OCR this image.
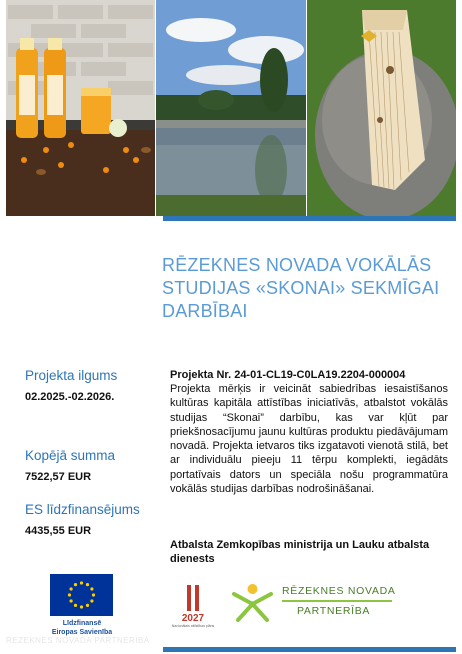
RĒZEKNES NOVADA VOKĀLĀS
STUDIJAS «SKONAI» SEKMĪGAI
DARBĪBAI
Projekta ilgums
02.2025.-02.2026.
Kopējā summa
7522,57 EUR
ES līdzfinansējums
4435,55 EUR
Projekta Nr. 24-01-CL19-C0LA19.2204-000004
Projekta mērķis ir veicināt sabiedrības iesaistīšanos kultūras kapitāla attīstības iniciatīvās, atbalstot vokālās studijas “Skonai” darbību, kas var kļūt par priekšnosacījumu jaunu kultūras produktu piedāvājumam novadā. Projekta ietvaros tiks izgatavoti vienotā stilā, bet ar individuālu pieeju 11 tērpu komplekti, iegādāts portatīvais dators un speciāla nošu programmatūra vokālās studijas darbības nodrošināšanai.
Atbalsta Zemkopības ministrija un Lauku atbalsta dienests
Līdzfinansē
Eiropas Savienība
2027
Nacionālais attīstības plāns
RĒZEKNES NOVADA
PARTNERĪBA
REZEKNES NOVADA PARTNERIBA
